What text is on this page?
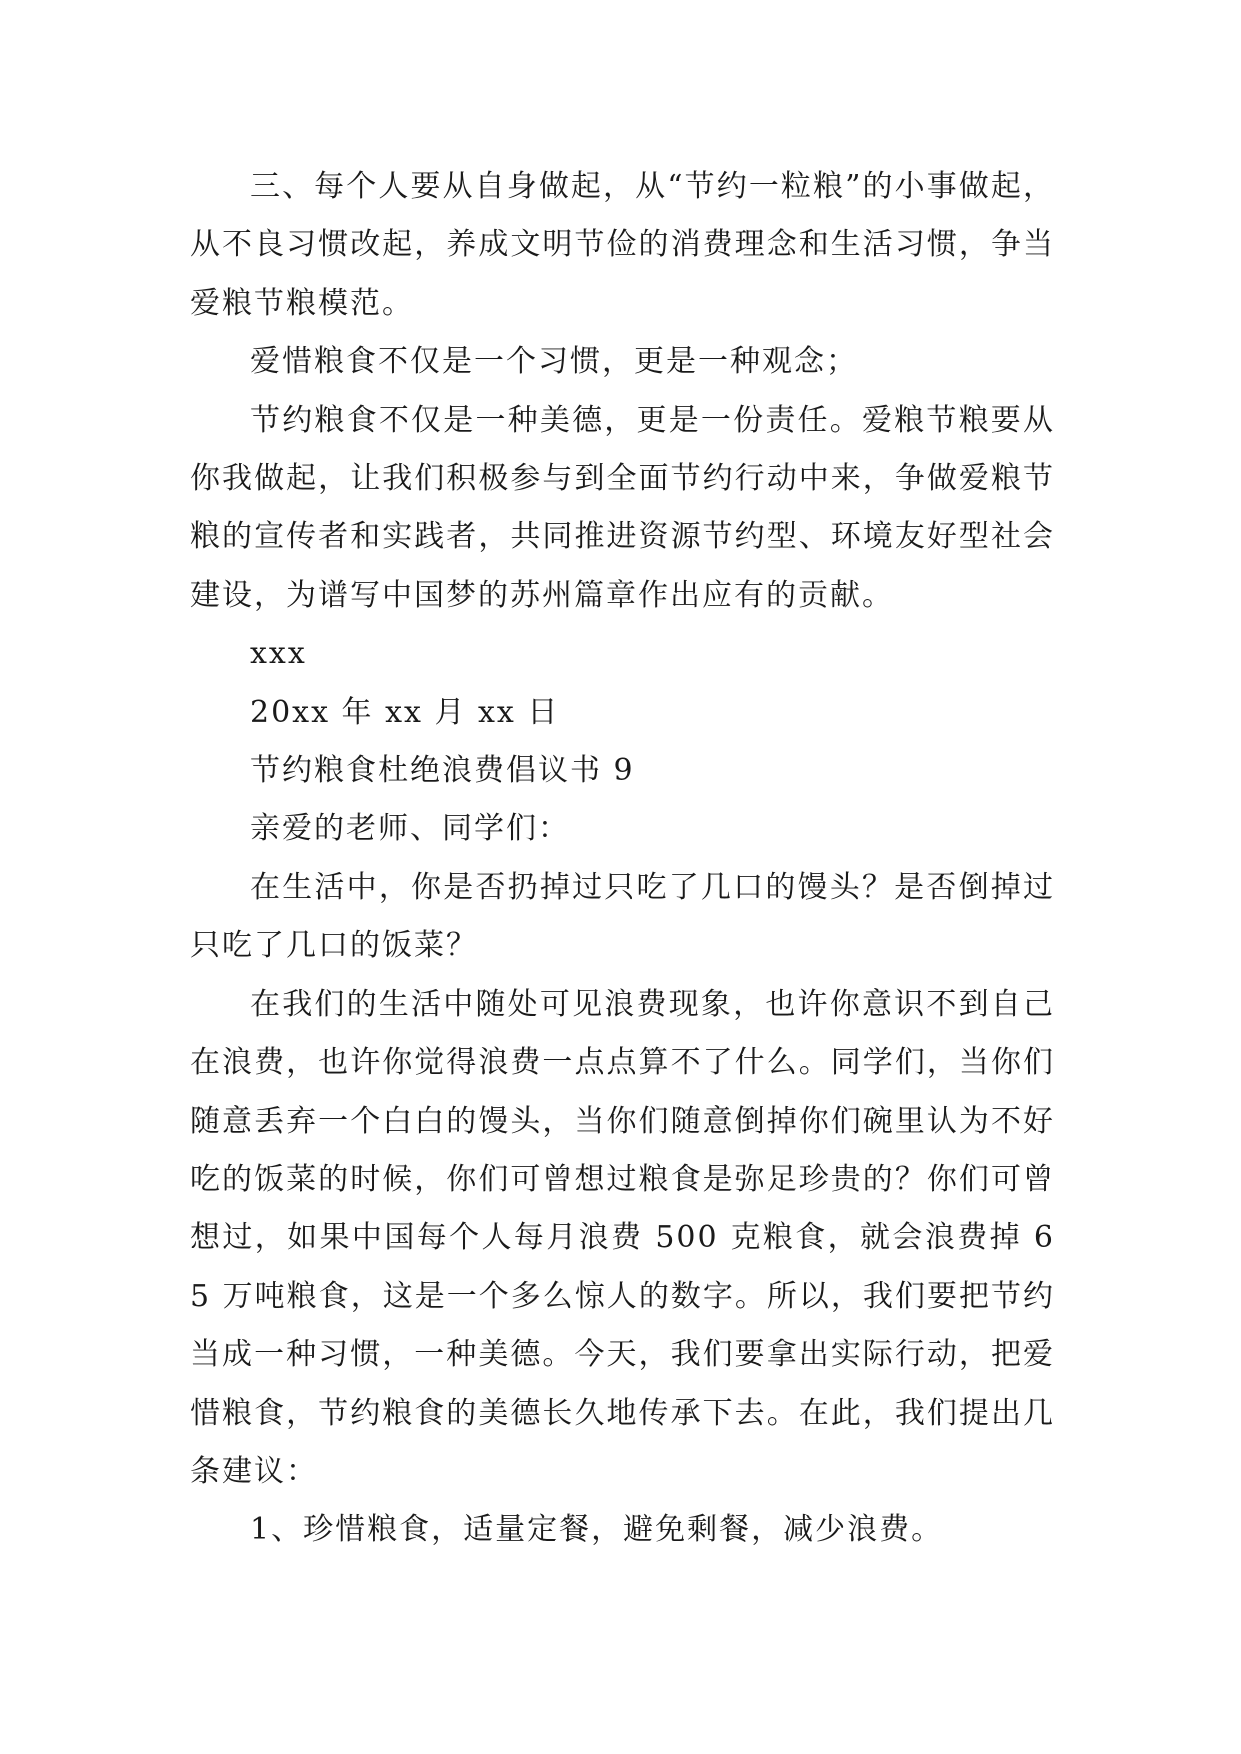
三、每个人要从自身做起，从“节约一粒粮”的小事做起，从不良习惯改起，养成文明节俭的消费理念和生活习惯，争当爱粮节粮模范。

爱惜粮食不仅是一个习惯，更是一种观念；

节约粮食不仅是一种美德，更是一份责任。爱粮节粮要从你我做起，让我们积极参与到全面节约行动中来，争做爱粮节粮的宣传者和实践者，共同推进资源节约型、环境友好型社会建设，为谱写中国梦的苏州篇章作出应有的贡献。

xxx

20xx 年 xx 月 xx 日

节约粮食杜绝浪费倡议书 9

亲爱的老师、同学们：

在生活中，你是否扔掉过只吃了几口的馒头？是否倒掉过只吃了几口的饭菜？

在我们的生活中随处可见浪费现象，也许你意识不到自己在浪费，也许你觉得浪费一点点算不了什么。同学们，当你们随意丢弃一个白白的馒头，当你们随意倒掉你们碗里认为不好吃的饭菜的时候，你们可曾想过粮食是弥足珍贵的？你们可曾想过，如果中国每个人每月浪费 500 克粮食，就会浪费掉 65 万吨粮食，这是一个多么惊人的数字。所以，我们要把节约当成一种习惯，一种美德。今天，我们要拿出实际行动，把爱惜粮食，节约粮食的美德长久地传承下去。在此，我们提出几条建议：

1、珍惜粮食，适量定餐，避免剩餐，减少浪费。
